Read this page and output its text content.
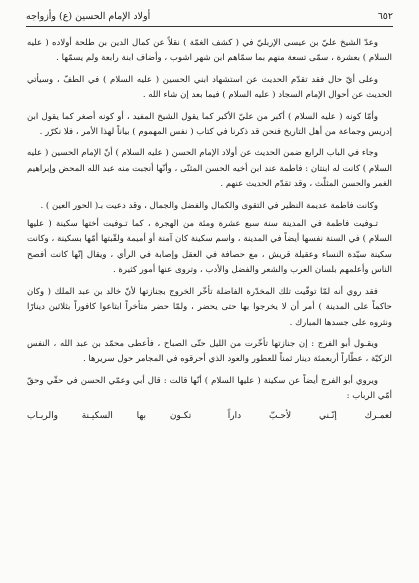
٦٥٢
أولاد الإمام الحسين (ع) وأزواجه

وعدّ الشيخ عليّ بن عيسى الإربليّ في ( كشف الغمّة ) نقلاً عن كمال الدين بن طلحة أولاده ( عليه السلام ) بعشرة ، سمّى تسعة منهم بما سمّاهم ابن شهر اشوب ، وأضاف ابنة رابعة ولم يسمّها .

وعلى أيّ حال فقد تقدّم الحديث عن استشهاد ابني الحسين ( عليه السلام ) في الطفّ ، وسيأتي الحديث عن أحوال الإمام السجاد ( عليه السلام ) فيما بعد إن شاء الله .

وأمّا كونه ( عليه السلام ) أكبر من عليّ الأكبر كما يقول الشيخ المفيد ، أو كونه أصغر كما يقول ابن إدريس وجماعة من أهل التاريخ فنحن قد ذكرنا في كتاب ( نفس المهموم ) بياناً لهذا الأمر ، فلا نكرّر .

وجاء في الباب الرابع ضمن الحديث عن أولاد الإمام الحسن ( عليه السلام ) أنّ الإمام الحسين ( عليه السلام ) كانت له ابنتان : فاطمة عند ابن أخيه الحسن المثنّى ، وأنّها أنجبت منه عبد الله المحض وإبراهيم الغمر والحسن المثلّث ، وقد تقدّم الحديث عنهم .

وكانت فاطمة عديمة النظير في التقوى والكمال والفضل والجمال ، وقد دعيت بـ( الحور العين ) .

تـوفيت فاطمة في المدينة سنة سبع عشرة ومئة من الهجرة ، كما تـوفيت أختها سكينة ( عليها السلام ) في السنة نفسها أيضاً في المدينة ، واسم سكينة كان آمنة أو أميمة ولقّبتها أمّها بسكينة ، وكانت سكينة سيّدة النساء وعقيلة قريش ، مع حصافة في العقل وإصابة في الرأي ، ويقال إنّها كانت أفصح الناس وأعلمهم بلسان العرب والشعر والفضل والأدب ، وتروى عنها أمور كثيرة .

فقد روي أنه لمّا توفّيت تلك المخدّرة الفاضلة تأخّر الخروج بجنازتها لأنّ خالد بن عبد الملك ( وكان حاكماً على المدينة ) أمر أن لا يخرجوا بها حتى يحضر ، ولمّا حضر متأخراً ابتاعوا كافوراً بثلاثين دينارًا ونثروه على جسدها المبارك .

ويقـول أبو الفرج : إن جنازتها تأخّرت من الليل حتّى الصباح ، فأعطى محمّد بن عبد الله ، النفس الزكيّة ، عطّاراً أربعمئة دينار ثمناً للعطور والعود الذي أحرقوه في المجامر حول سريرها .

ويروي أبو الفرج أيضاً عن سكينة ( عليها السلام ) أنّها قالت : قال أبي وعمّي الحسن في حقّي وحقّ أمّي الرباب :

لعمـرك إنّـني لأحـبّ داراً
تكـون بها السكيـنة والربـاب
